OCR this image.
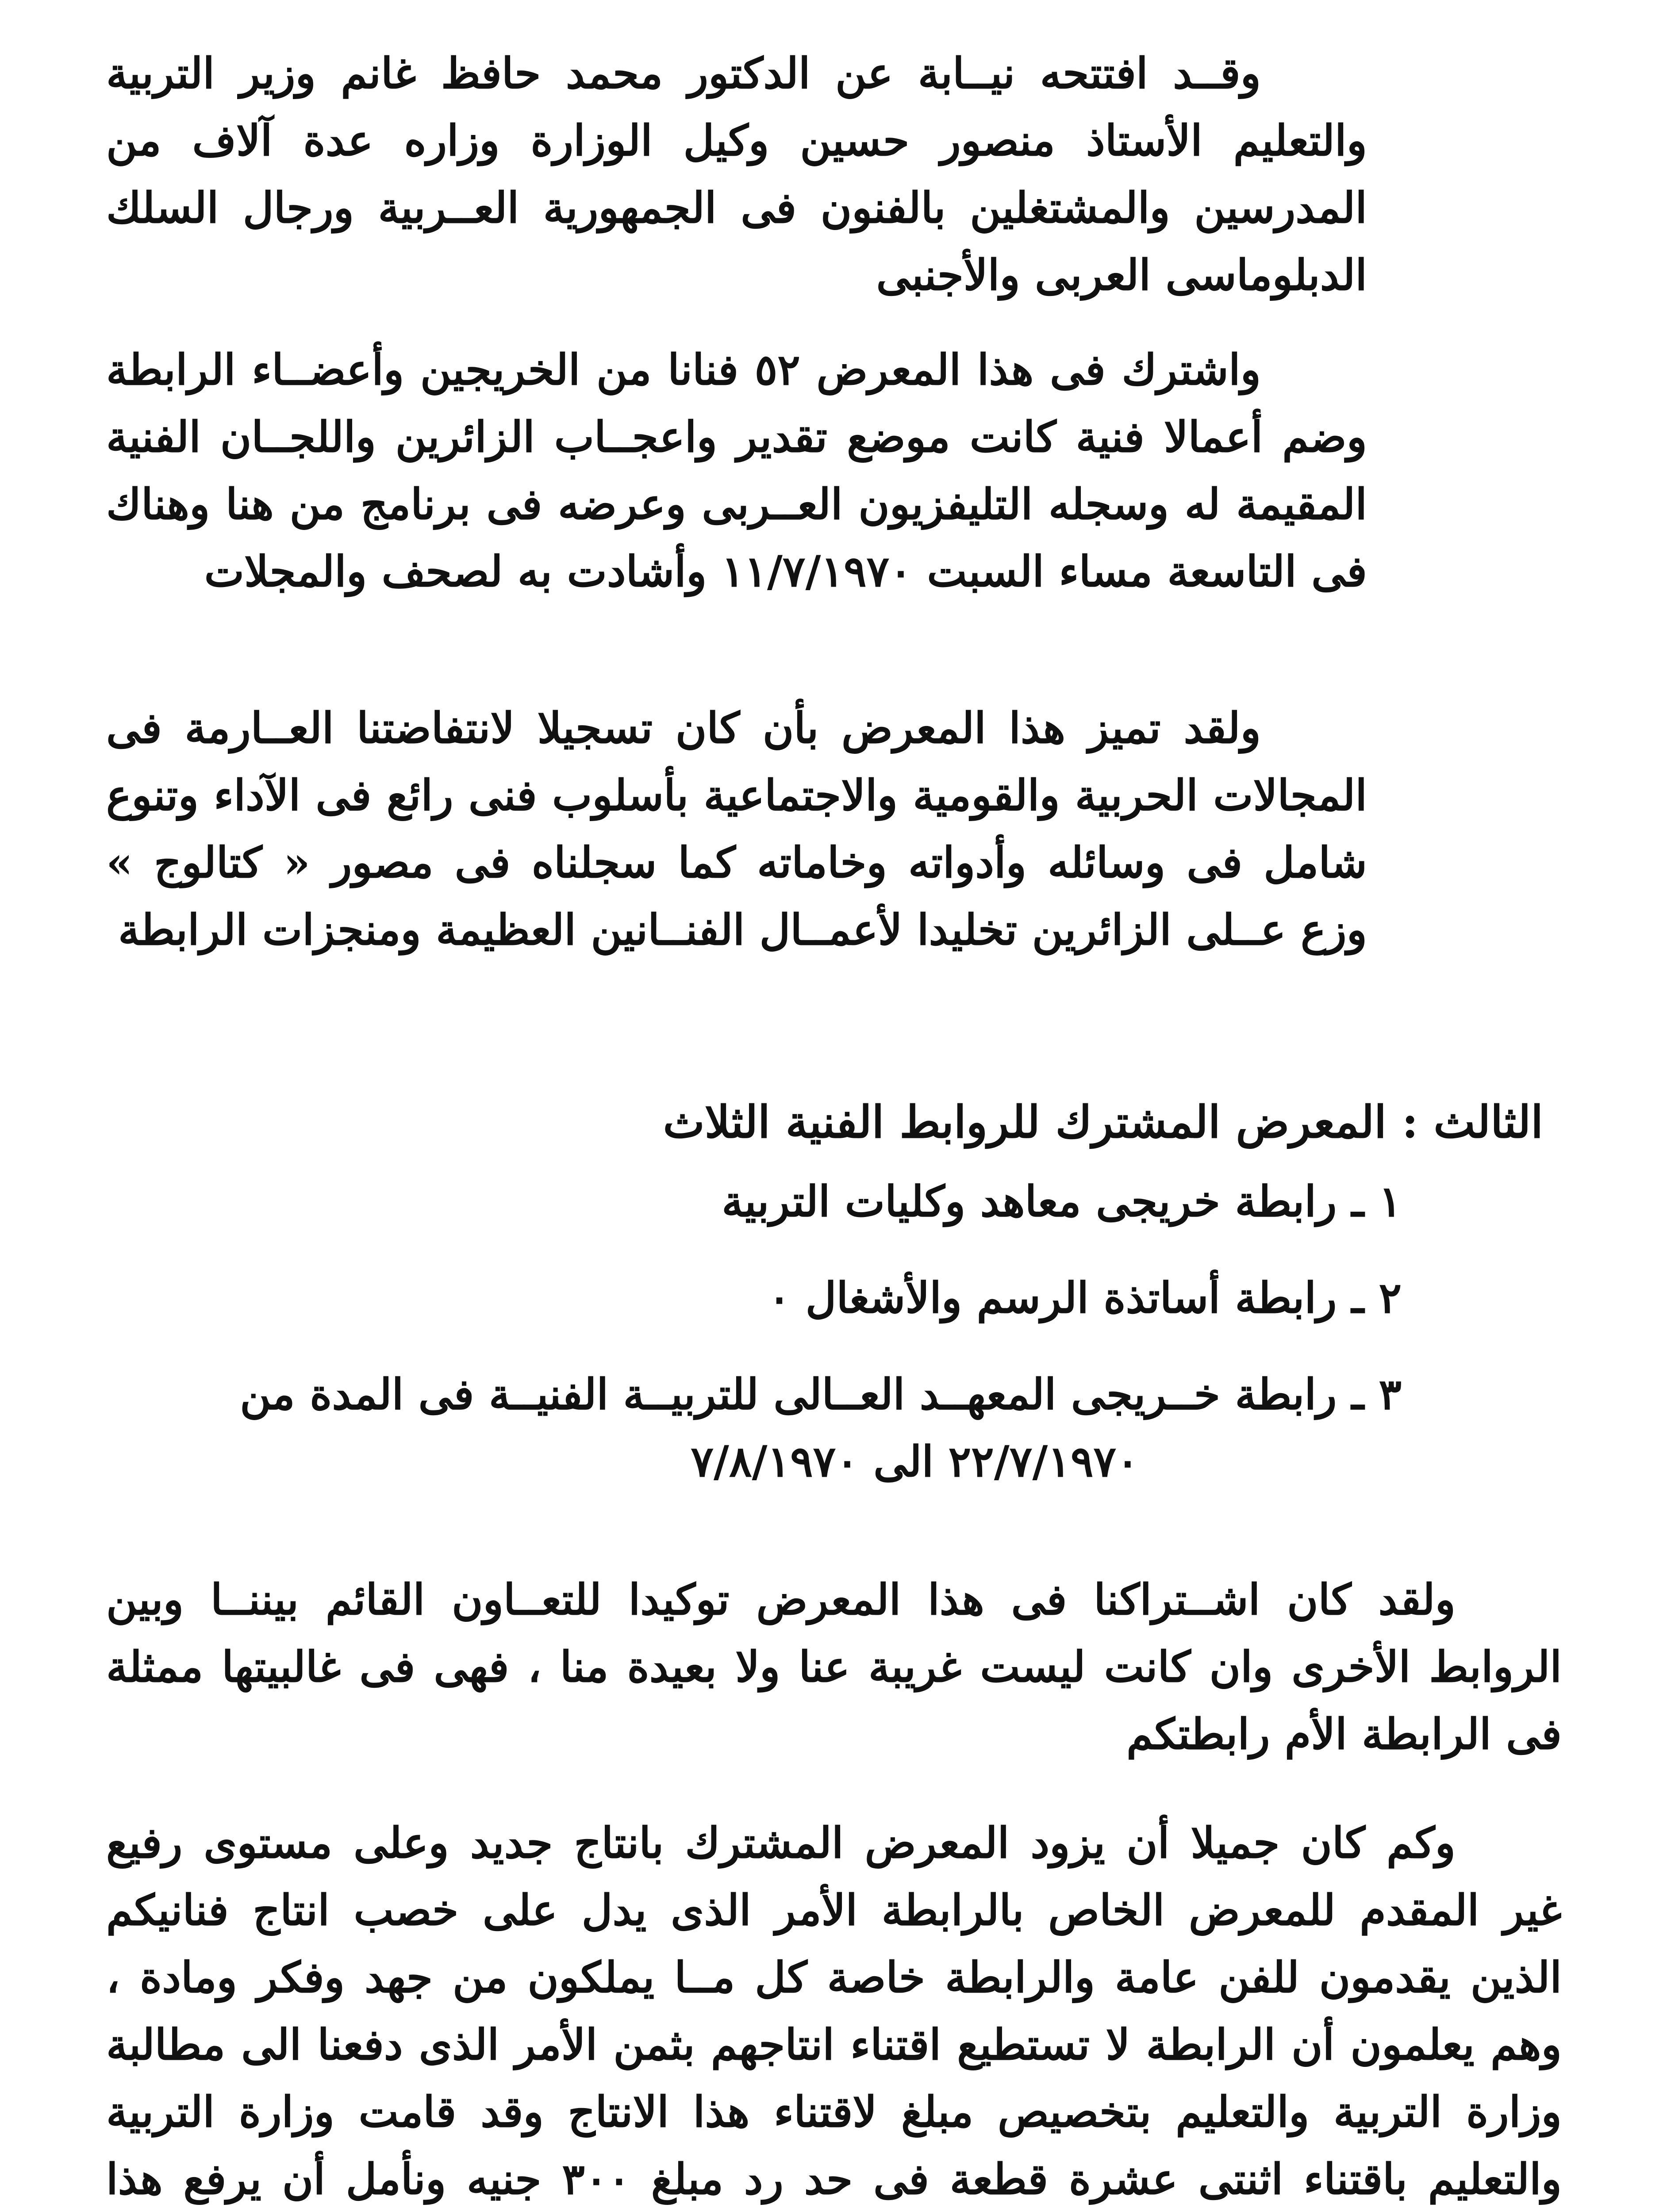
وقــد افتتحه نيــابة عن الدكتور محمد حافظ غانم وزير التربية والتعليم الأستاذ منصور حسين وكيل الوزارة وزاره عدة آلاف من المدرسين والمشتغلين بالفنون فى الجمهورية العــربية ورجال السلك الدبلوماسى العربى والأجنبى

واشترك فى هذا المعرض ٥٢ فنانا من الخريجين وأعضــاء الرابطة وضم أعمالا فنية كانت موضع تقدير واعجــاب الزائرين واللجــان الفنية المقيمة له وسجله التليفزيون العــربى وعرضه فى برنامج من هنا وهناك فى التاسعة مساء السبت ١١/٧/١٩٧٠ وأشادت به لصحف والمجلات

ولقد تميز هذا المعرض بأن كان تسجيلا لانتفاضتنا العــارمة فى المجالات الحربية والقومية والاجتماعية بأسلوب فنى رائع فى الآداء وتنوع شامل فى وسائله وأدواته وخاماته كما سجلناه فى مصور « كتالوج » وزع عــلى الزائرين تخليدا لأعمــال الفنــانين العظيمة ومنجزات الرابطة

الثالث : المعرض المشترك للروابط الفنية الثلاث
١ ـ رابطة خريجى معاهد وكليات التربية
٢ ـ رابطة أساتذة الرسم والأشغال ٠
٣ ـ رابطة خــريجى المعهــد العــالى للتربيــة الفنيــة فى المدة من
٢٢/٧/١٩٧٠ الى ٧/٨/١٩٧٠

ولقد كان اشــتراكنا فى هذا المعرض توكيدا للتعــاون القائم بيننــا وبين الروابط الأخرى وان كانت ليست غريبة عنا ولا بعيدة منا ، فهى فى غالبيتها ممثلة فى الرابطة الأم رابطتكم

وكم كان جميلا أن يزود المعرض المشترك بانتاج جديد وعلى مستوى رفيع غير المقدم للمعرض الخاص بالرابطة الأمر الذى يدل على خصب انتاج فنانيكم الذين يقدمون للفن عامة والرابطة خاصة كل مــا يملكون من جهد وفكر ومادة ، وهم يعلمون أن الرابطة لا تستطيع اقتناء انتاجهم بثمن الأمر الذى دفعنا الى مطالبة وزارة التربية والتعليم بتخصيص مبلغ لاقتناء هذا الانتاج وقد قامت وزارة التربية والتعليم باقتناء اثنتى عشرة قطعة فى حد رد مبلغ ٣٠٠ جنيه ونأمل أن يرفع هذا
